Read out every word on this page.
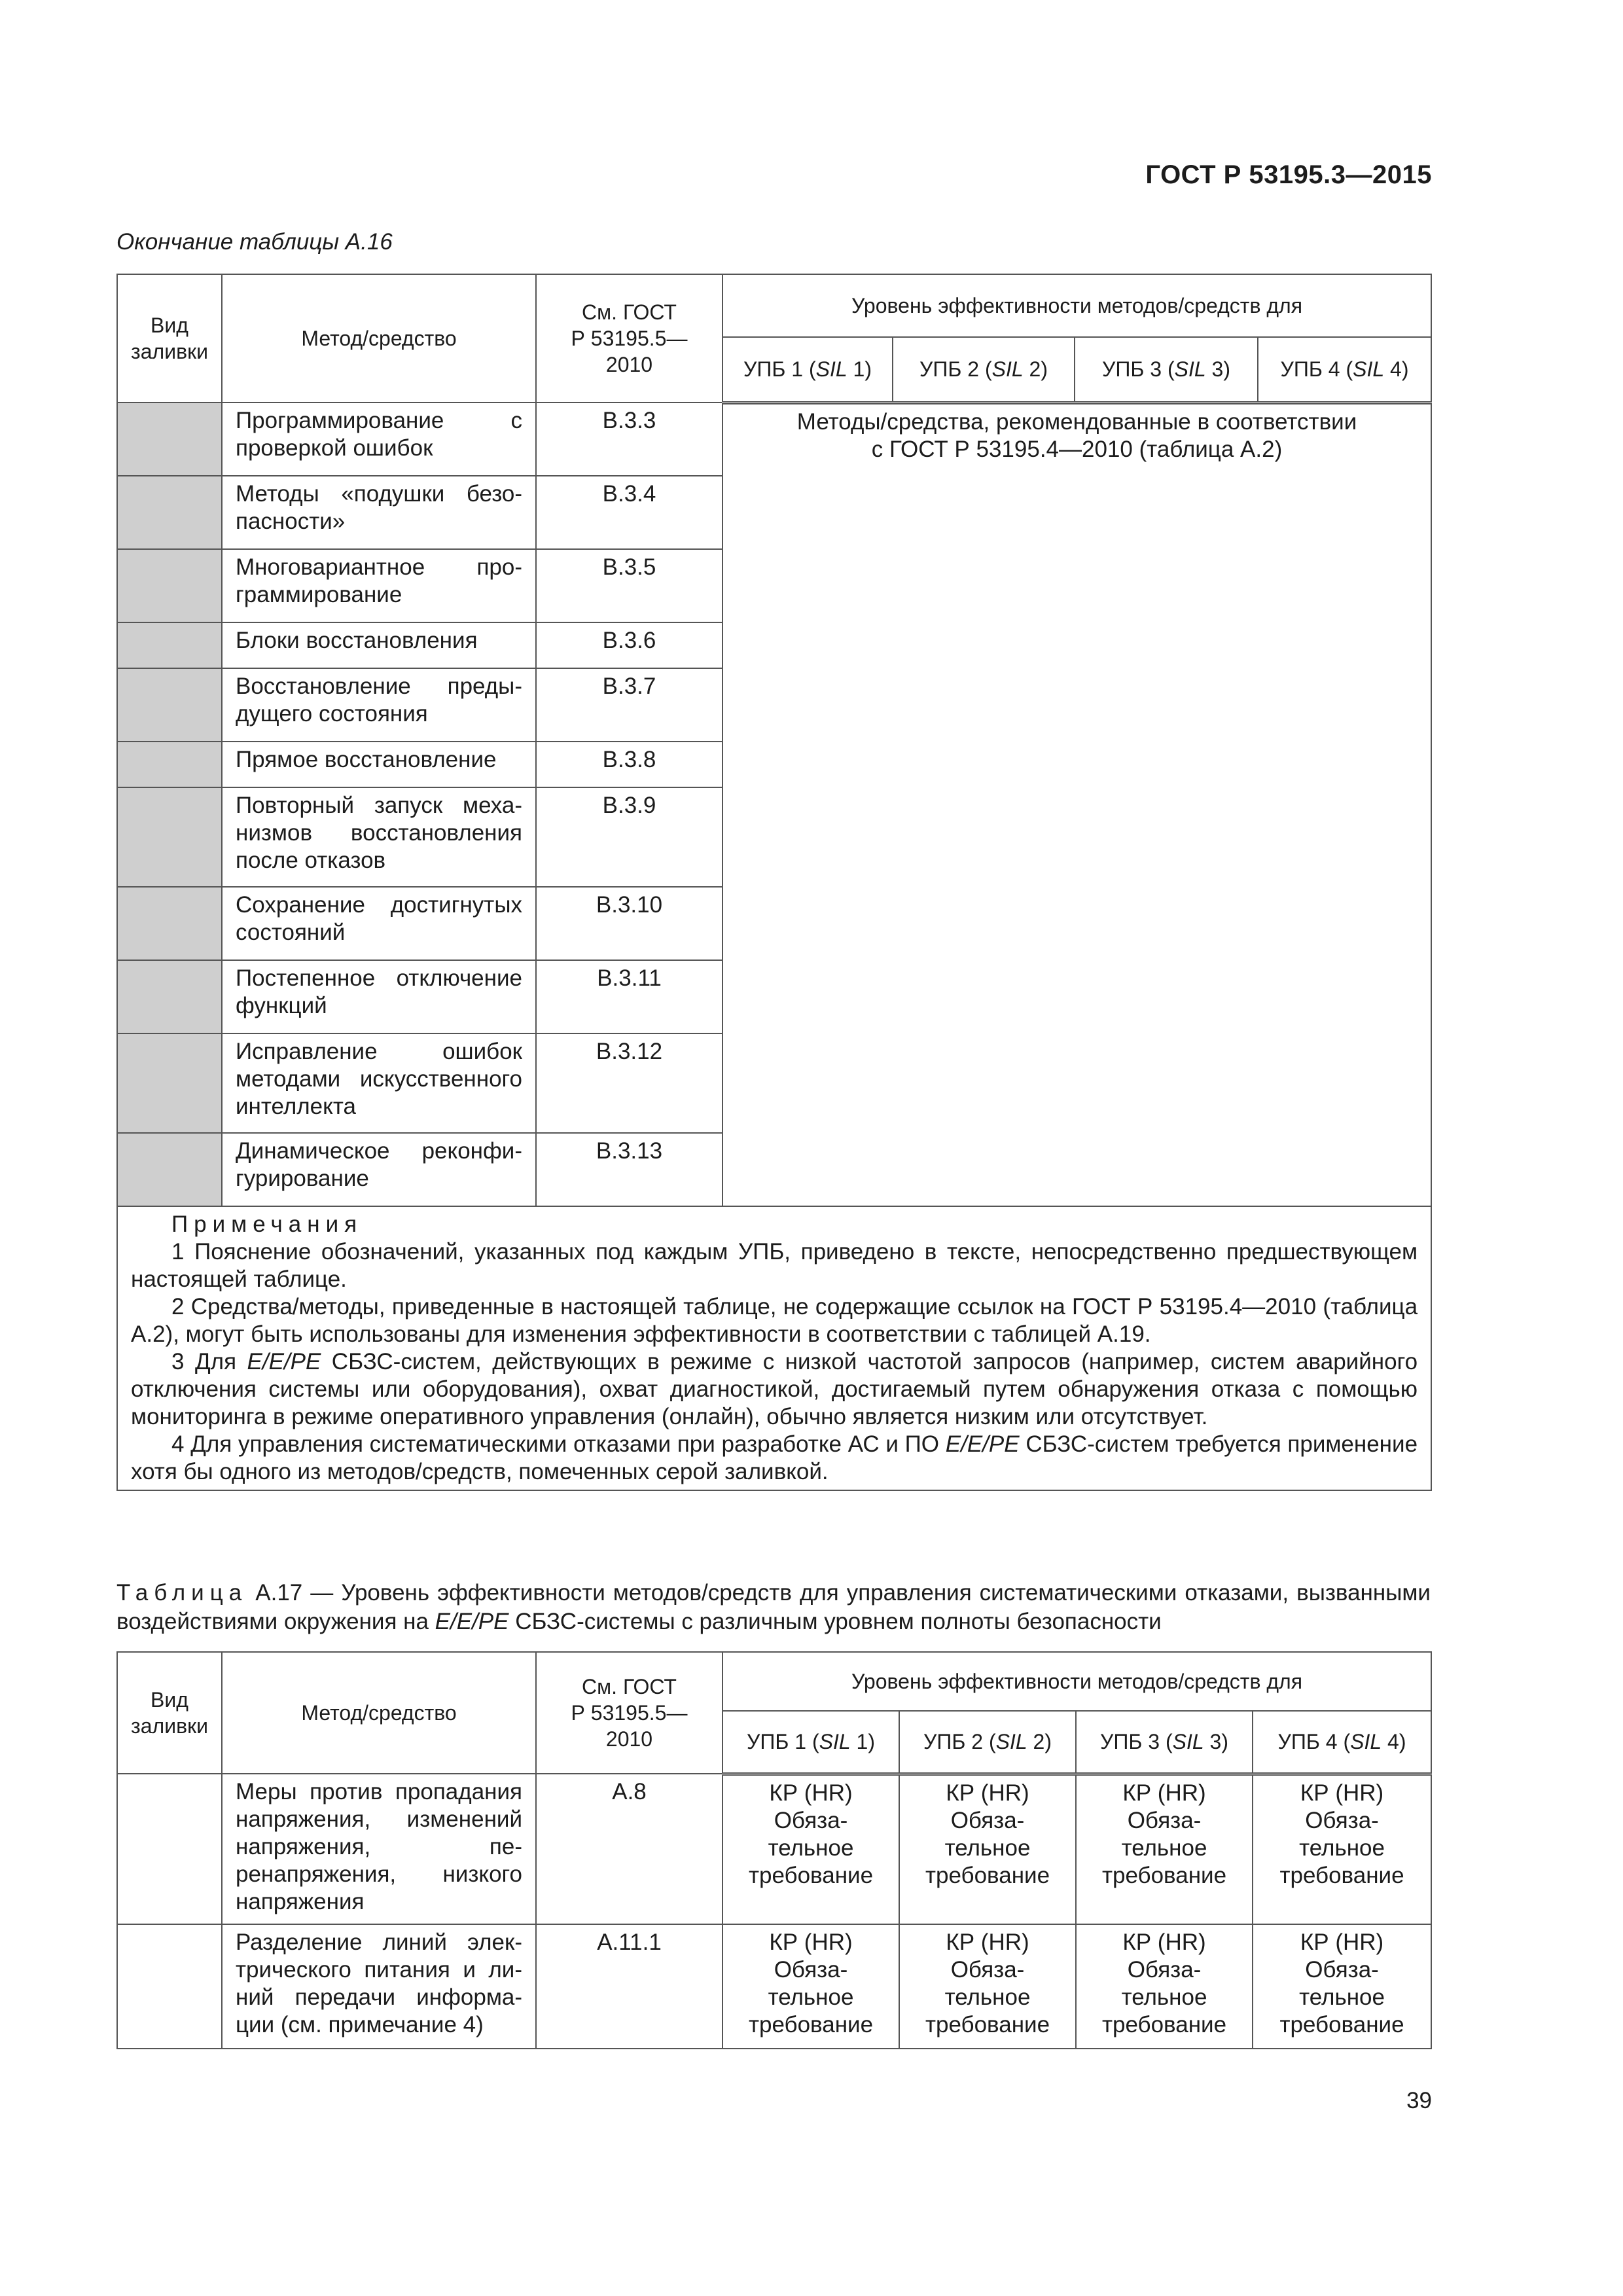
ГОСТ Р 53195.3—2015
Окончание таблицы А.16
Вид заливки	Метод/средство	См. ГОСТ
Р 53195.5—2010	Уровень эффективности методов/средств для			
			УПБ 1 (SIL 1)	УПБ 2 (SIL 2)	УПБ 3 (SIL 3)	УПБ 4 (SIL 4)
	Программирование с проверкой ошибок	В.3.3	Методы/средства, рекомендованные в соответствии
с ГОСТ Р 53195.4—2010 (таблица А.2)			
	Методы «подушки безопасности»	В.3.4				
	Многовариантное программирование	В.3.5				
	Блоки восстановления	В.3.6				
	Восстановление предыдущего состояния	В.3.7				
	Прямое восстановление	В.3.8				
	Повторный запуск механизмов восстановления после отказов	В.3.9				
	Сохранение достигнутых состояний	В.3.10				
	Постепенное отключение функций	В.3.11				
	Исправление ошибок методами искусственного интеллекта	В.3.12				
	Динамическое реконфигурирование	В.3.13				

Примечания

1 Пояснение обозначений, указанных под каждым УПБ, приведено в тексте, непосредственно предшествующем настоящей таблице.

2 Средства/методы, приведенные в настоящей таблице, не содержащие ссылок на ГОСТ Р 53195.4—2010 (таблица А.2), могут быть использованы для изменения эффективности в соответствии с таблицей А.19.

3 Для E/E/PE СБЗС-систем, действующих в режиме с низкой частотой запросов (например, систем аварийного отключения системы или оборудования), охват диагностикой, достигаемый путем обнаружения отказа с помощью мониторинга в режиме оперативного управления (онлайн), обычно является низким или отсутствует.

4 Для управления систематическими отказами при разработке АС и ПО E/E/PE СБЗС-систем требуется применение хотя бы одного из методов/средств, помеченных серой заливкой.						

Таблица А.17 — Уровень эффективности методов/средств для управления систематическими отказами, вызванными воздействиями окружения на E/E/PE СБЗС-системы с различным уровнем полноты безопасности
Вид заливки	Метод/средство	См. ГОСТ
Р 53195.5—2010	Уровень эффективности методов/средств для			
			УПБ 1 (SIL 1)	УПБ 2 (SIL 2)	УПБ 3 (SIL 3)	УПБ 4 (SIL 4)
	Меры против пропадания напряжения, изменений напряжения, перенапряжения, низкого напряжения	А.8	КР (HR)
Обяза-
тельное
требование	КР (HR)
Обяза-
тельное
требование	КР (HR)
Обяза-
тельное
требование	КР (HR)
Обяза-
тельное
требование
	Разделение линий электрического питания и линий передачи информации (см. примечание 4)	А.11.1	КР (HR)
Обяза-
тельное
требование	КР (HR)
Обяза-
тельное
требование	КР (HR)
Обяза-
тельное
требование	КР (HR)
Обяза-
тельное
требование
39
